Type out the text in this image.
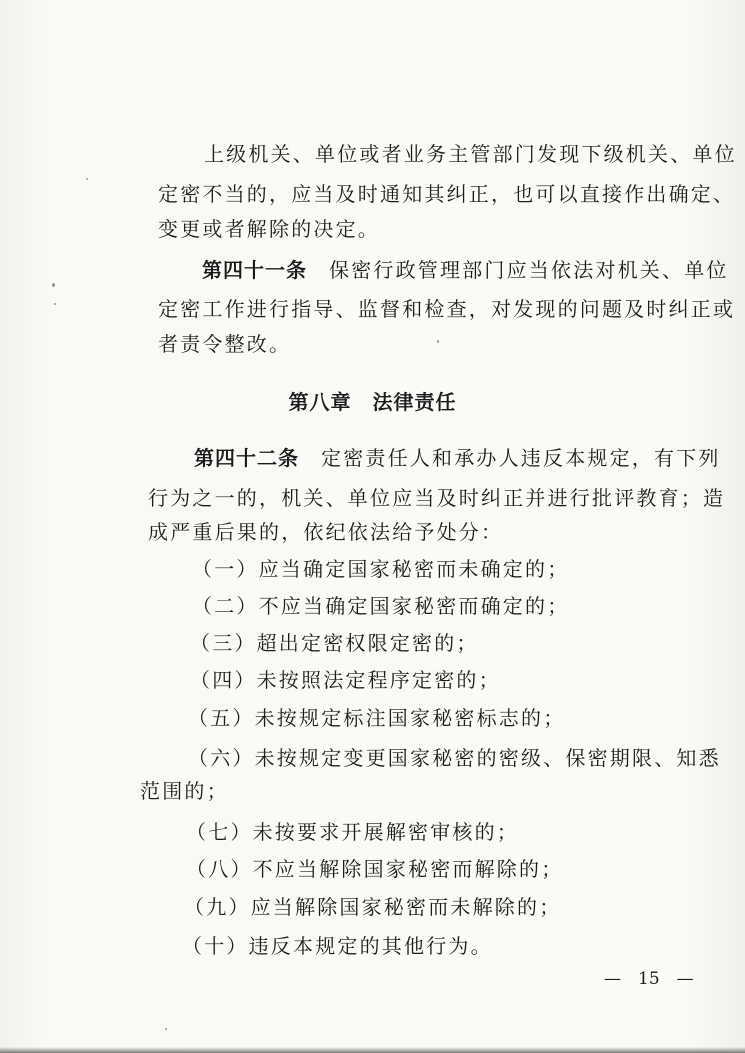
上级机关、单位或者业务主管部门发现下级机关、单位
定密不当的，应当及时通知其纠正，也可以直接作出确定、
变更或者解除的决定。
第四十一条 保密行政管理部门应当依法对机关、单位
定密工作进行指导、监督和检查，对发现的问题及时纠正或
者责令整改。
第八章　法律责任
第四十二条 定密责任人和承办人违反本规定，有下列
行为之一的，机关、单位应当及时纠正并进行批评教育；造
成严重后果的，依纪依法给予处分：
（一）应当确定国家秘密而未确定的；
（二）不应当确定国家秘密而确定的；
（三）超出定密权限定密的；
（四）未按照法定程序定密的；
（五）未按规定标注国家秘密标志的；
（六）未按规定变更国家秘密的密级、保密期限、知悉
范围的；
（七）未按要求开展解密审核的；
（八）不应当解除国家秘密而解除的；
（九）应当解除国家秘密而未解除的；
（十）违反本规定的其他行为。
—　15　—
